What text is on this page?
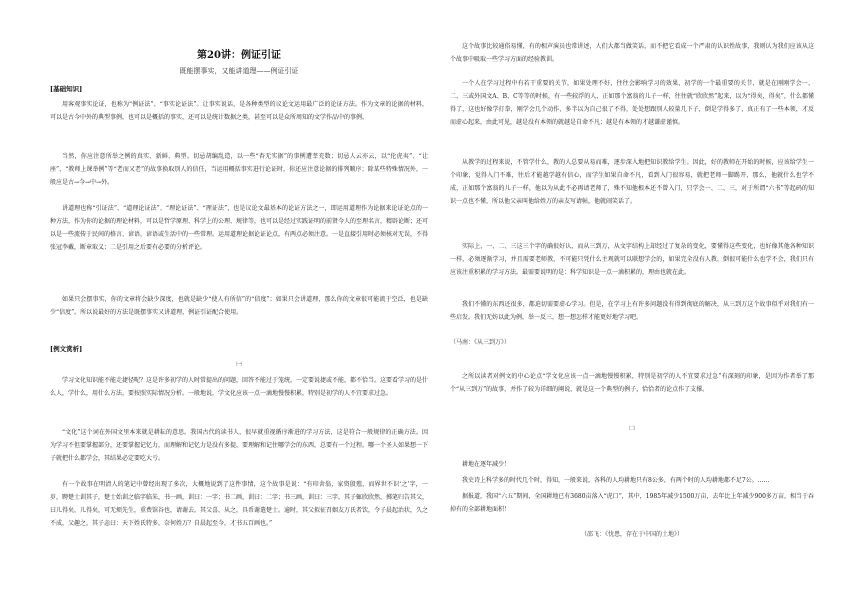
第20讲：例证引证
既能摆事实，又能讲道理——例证引证
[基础知识]
用客观事实论证，也称为“例证法”、“事实论证法”。让事实说话，是各种类型的议论文运用最广泛的论证方法。作为文章的论据的材料，可以是古今中外的典型事例，也可以是概括的事实，还可以是统计数据之类，甚至可以是众所周知的文学作品中的事例。
当然，你应注意所举之例的真实、新鲜、典型。切忌胡编乱造，以一些“杏无实据”的事例遭莘充数；切忌人云亦云，以“伦虎夷”、“让座”、“教师上课举例”等“老而又老”的故事换取别人的信任，当运用概括事实进行论证时，你还应注意论据的排列顺序；除某些特殊情况外，一般应是古→今→中→外。
讲道理也称“引证法”、“道理论证法”、“理论证法”、“理证法”，也是议论文最基本的论证方法之一，即运用道理作为论据来论证论点的一种方法，作为你的论据的理论材料，可以是哲学原理、科学上的公理、规律等，也可以是经过实践证明的前贤今人的至理名言，精辟论断；还可以是一些流传于民间的格言、谚语，谚语或生活中的一些常理。运用道理论据论证论点，有两点必须注意。一是直接引用时必须核对无误，不得张冠李戴，断章取义；二是引用之后要有必要的分析评论。
如果只会摆事实，你的文章将会缺少深度，也就是缺少“使人有所信”的“信度”；如果只会讲道理，那么你的文章很可能流于空泛，也是缺少“信度”。所以说最好的方法是既摆事实又讲道理，例证引证配合使用。
[例文赏析]
㈠
学习文化知识能不能走捷径呢？这是许多初学的人时常提出的问题，回答不能过于笼统。一定要说捷或不能，都不恰当。这要看学习的是什么人，学什么，用什么方法。要按照实际情况分析。一般地说，学文化应该一点一滴地慢慢积累，特别是初学的人不宜要求过急。
“文化”这个词在外国文里本来就是耕耘的意思。我国古代的读书人，很早就重视循序渐进的学习方法，这是符合一般规律的正确方法。因为学习不但要掌握部分，还要掌握记忆力，而理解和记忆力是没有多提，要理解和记住哪学会的东西，总要有一个过程。哪一个圣人如果想一下子就把什么都学会，其结果必定要吃大亏。
有一个故事在明清人的笔记中曾经出现了多次，大概地说到了这件事情，这个故事是说：“有印舍翁，家资殷殖，而界世不识‘之’字，一岁，聘楚士训其子，楚士始训之临字临朱，书一画，训曰：一字；书二画，训曰：二字；书三画，训曰：三字。其子辄欣欣然，掷笔归告其父，曰儿得矣，儿得矣，可无烦先生，重费馆谷也，请谢去。其父喜，从之，具币谢遣楚士。逾时，其父拟征召姻友万氏者饮，令子晨起治状，久之不成，父趣之，其子恚曰：天下姓氏特多，奈何姓万？自晨起至今，才书五百画也。”
这个故事比较通俗易懂，有的相声演员也常讲述，人们大都当做笑话，而不把它看成一个严肃的认识性故事，我则认为我们应该从这个故事中吸取一些学习方面的经验教训。
一个人在学习过程中有若干重要的关节，如果处理不好，往往会影响学习的效果，初学的一个最重要的关节，就是在刚刚学会一、二、三或外国文A、B、C等等的时候，有一些较浮的人，正如那个富翁的儿子一样，往往就“欣欣然”起来，以为“得矣，得矣”，什么都懂得了，这也好像学打拳，刚学会几个动作，多半以为自己很了不得，处处想跟别人较量几下子，倒是学得多了，真正有了一些本领，才反而虚心起来，由此可见，越是没有本领的就越是自命不凡；越是有本领的才越谦虚谨慎。
从教学的过程来说，不管学什么，教的人总要从易而难，逐步深入地把知识教给学生。因此，好的教师在开始的时候，应该给学生一个印象，觉得入门不难，往后才能越学越有信心，而学生如果自命不凡，看到入门很容易，就把老师一脚踢开，那么，他就什么也学不成，正如那个富翁的儿子一样，他以为从此不必再请老师了，殊不知他根本还不曾入门，只学会一、二、三，对于所谓“六书”等起码的知识一点也不懂，所以他父亲叫他给姓万的亲友写请帖，他就闹笑话了。
实际上，一、二、三这三个字的确很好认，而从三到万，从文字结构上却经过了复杂的变化，要懂得这些变化，也好像其他各种知识一样，必须逐渐学习，并且需要老师教，不可能只凭什么主观就可以联想学会的，如果完全没有人教，倒很可能什么也学不会，我们只有应该注重积累的学习方法。最需要说明的是：科学知识是一点一滴积累的，理由也就在此。
我们不懂的东西还很多，都迫切需要虚心学习。但是，在学习上有许多问题没有得到彻底的解决，从三到万这个故事似乎对我们有一些启发。我们无妨以此为例，举一反三，想一想怎样才能更好地学习吧。
（马南：《从三到万》）
之所以读者对例文的中心论点“学文化应该一点一滴地慢慢积累，特别是初学的人不宜要求过急”有深刻的印象，是因为作者举了那个“从三到万”的故事，并作了较为详细的阐说，就是这一个典型的例子，恰恰者的论点作了支撑。
㈡
耕地在逐年减少！
我史诗上科学多的时代几个时，得知，一般来说，各科的人均耕地只有8公多，有两个时的人均耕地都不足7公。……
据报道，我国“六五”期间，全国耕地已有3680亩落入“虎口”，其中，1985年减少1500万亩，去年比上年减少900多万亩，相当于吞掉有的全部耕地面积！
（邵飞：《忧患，存在于中国的土地》）
